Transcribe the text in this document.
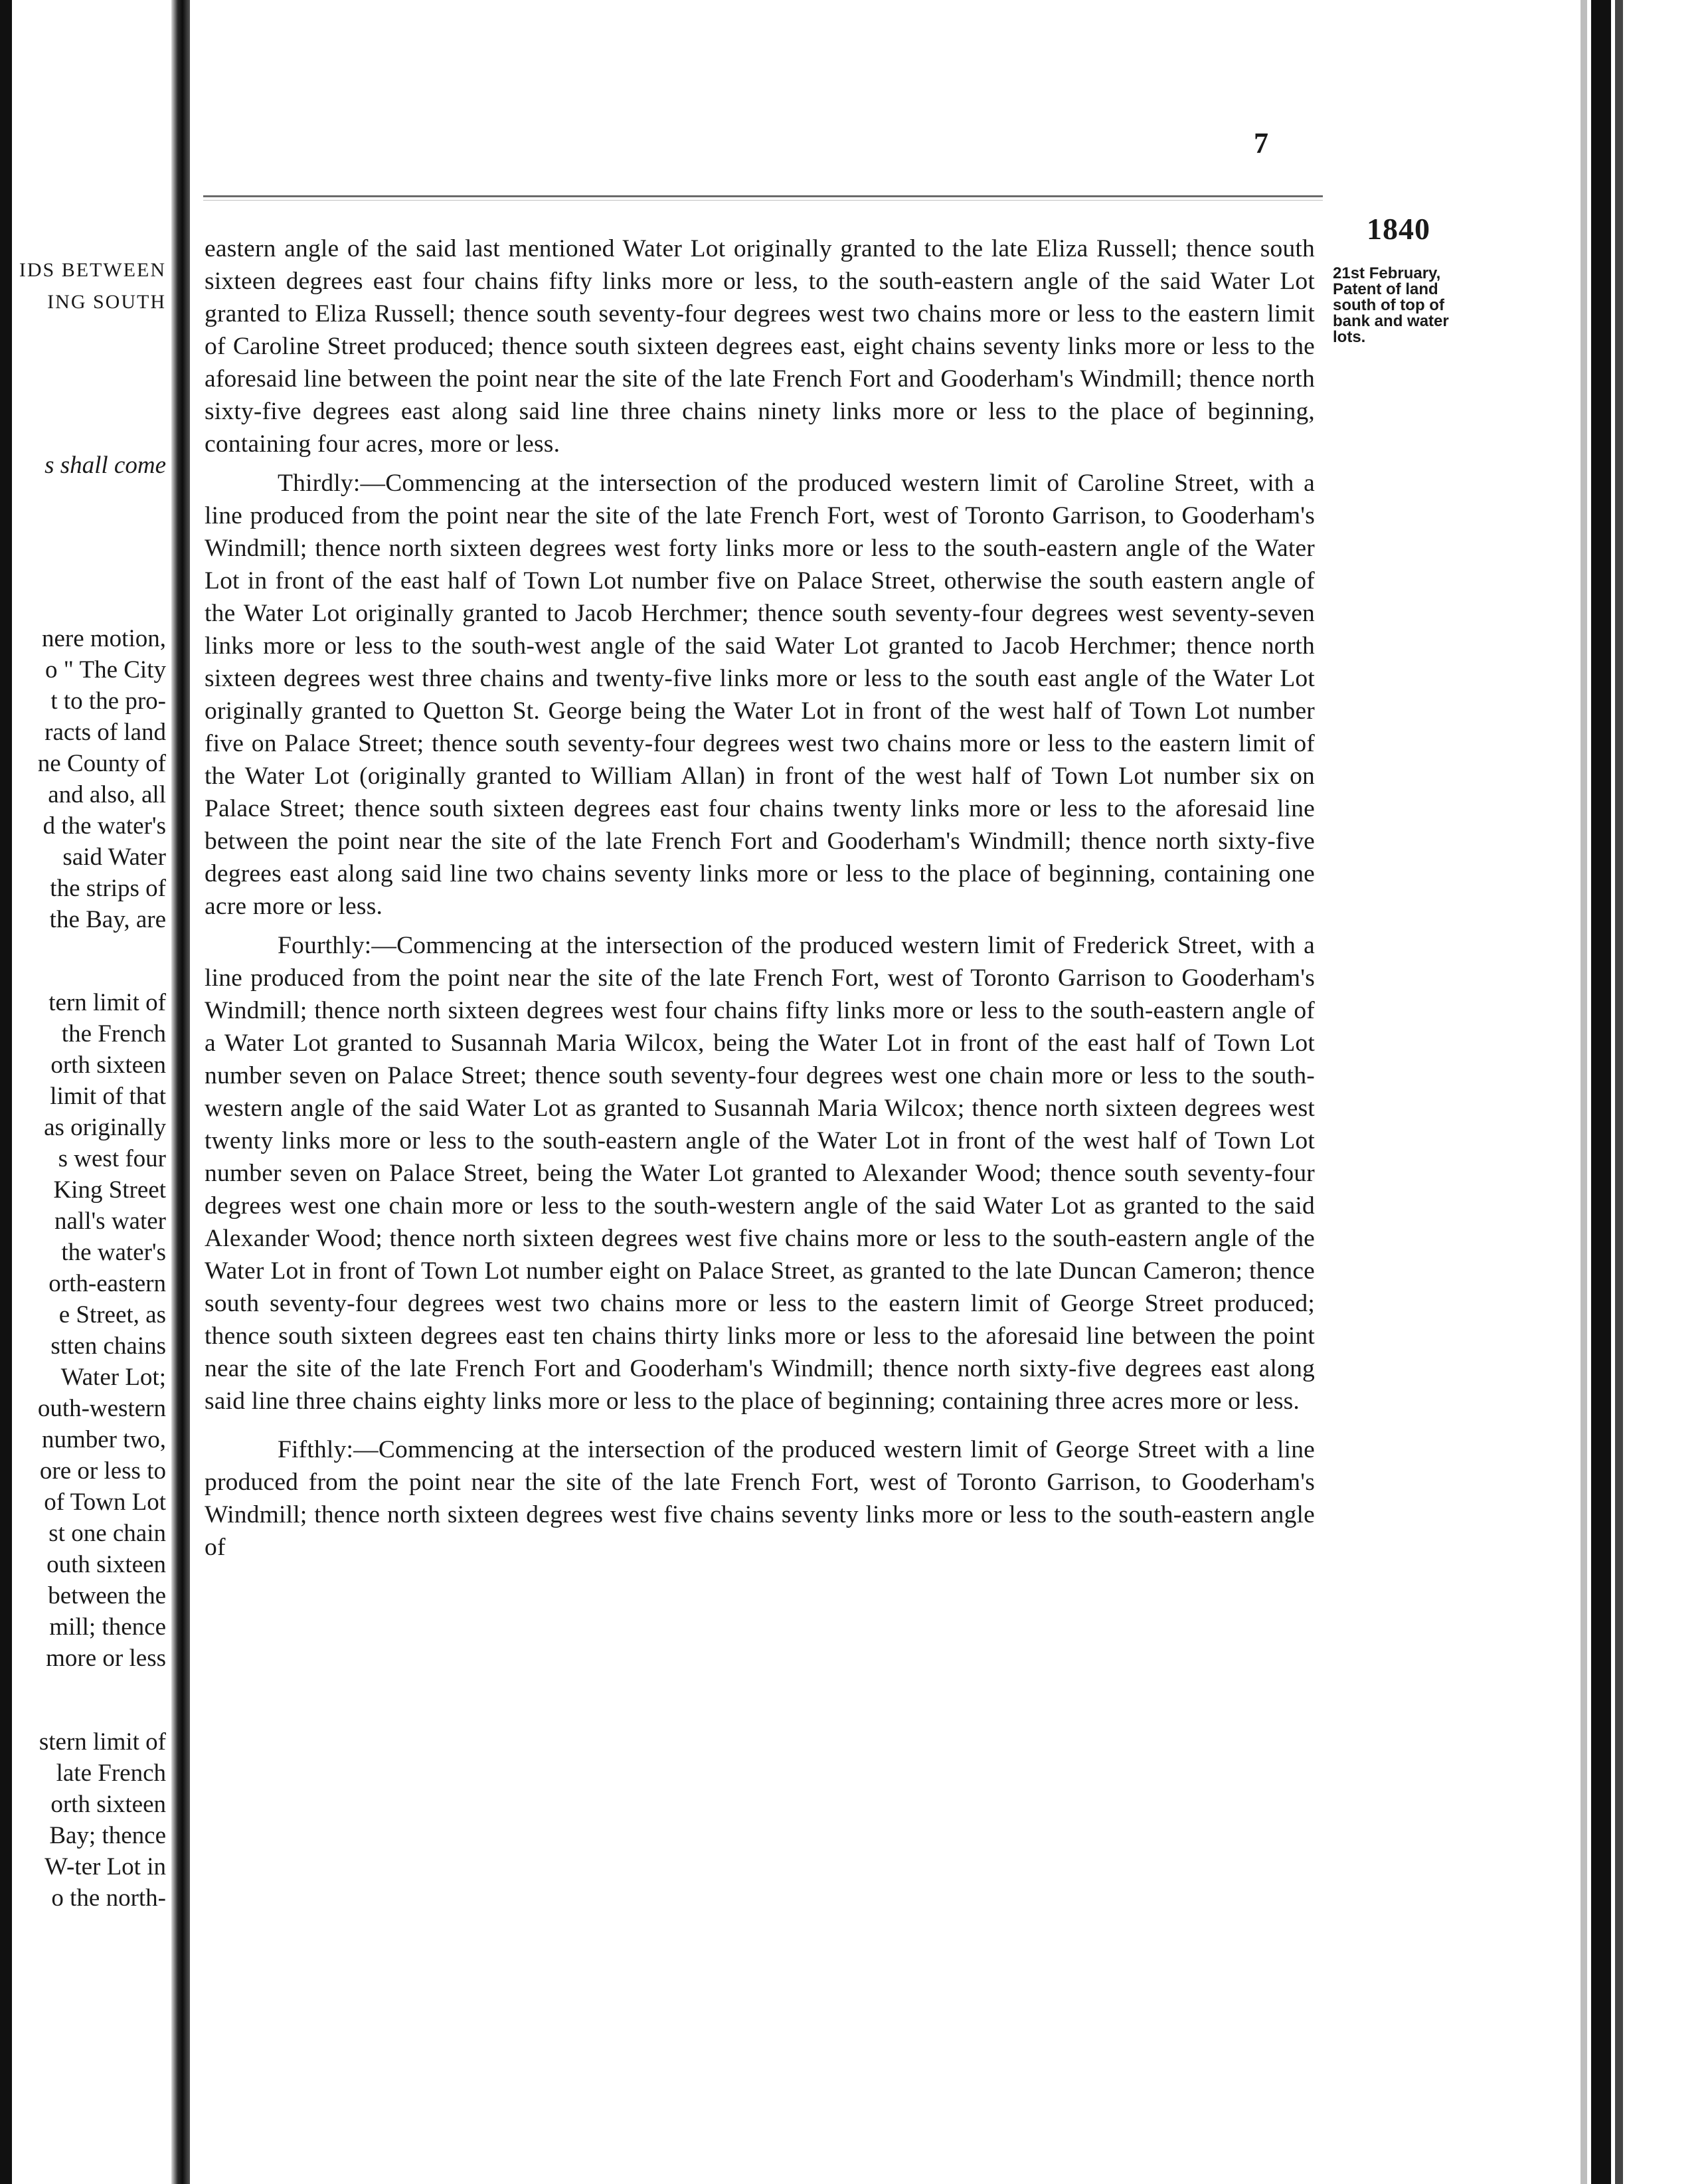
IDS BETWEEN
ING SOUTH
s shall come
nere motion,
o " The City
t to the pro-
racts of land
ne County of
and also, all
d the water's
said Water
the strips of
the Bay, are
tern limit of
the French
orth sixteen
limit of that
as originally
s west four
King Street
nall's water
the water's
orth-eastern
e Street, as
stten chains
Water Lot;
outh-western
number two,
ore or less to
of Town Lot
st one chain
outh sixteen
between the
mill; thence
more or less
stern limit of
late French
orth sixteen
Bay; thence
W-ter Lot in
o the north-
7
1840
21st February,
Patent of land
south of top of
bank and water
lots.

eastern angle of the said last mentioned Water Lot originally granted to the late Eliza Russell; thence south sixteen degrees east four chains fifty links more or less, to the south-eastern angle of the said Water Lot granted to Eliza Russell; thence south seventy-four degrees west two chains more or less to the eastern limit of Caroline Street produced; thence south sixteen degrees east, eight chains seventy links more or less to the aforesaid line between the point near the site of the late French Fort and Gooderham's Windmill; thence north sixty-five degrees east along said line three chains ninety links more or less to the place of beginning, containing four acres, more or less.

Thirdly:—Commencing at the intersection of the produced western limit of Caroline Street, with a line produced from the point near the site of the late French Fort, west of Toronto Garrison, to Gooderham's Windmill; thence north sixteen degrees west forty links more or less to the south-eastern angle of the Water Lot in front of the east half of Town Lot number five on Palace Street, otherwise the south eastern angle of the Water Lot originally granted to Jacob Herchmer; thence south seventy-four degrees west seventy-seven links more or less to the south-west angle of the said Water Lot granted to Jacob Herchmer; thence north sixteen degrees west three chains and twenty-five links more or less to the south east angle of the Water Lot originally granted to Quetton St. George being the Water Lot in front of the west half of Town Lot number five on Palace Street; thence south seventy-four degrees west two chains more or less to the eastern limit of the Water Lot (originally granted to William Allan) in front of the west half of Town Lot number six on Palace Street; thence south sixteen degrees east four chains twenty links more or less to the aforesaid line between the point near the site of the late French Fort and Gooderham's Windmill; thence north sixty-five degrees east along said line two chains seventy links more or less to the place of beginning, containing one acre more or less.

Fourthly:—Commencing at the intersection of the produced western limit of Frederick Street, with a line produced from the point near the site of the late French Fort, west of Toronto Garrison to Gooderham's Windmill; thence north sixteen degrees west four chains fifty links more or less to the south-eastern angle of a Water Lot granted to Susannah Maria Wilcox, being the Water Lot in front of the east half of Town Lot number seven on Palace Street; thence south seventy-four degrees west one chain more or less to the south-western angle of the said Water Lot as granted to Susannah Maria Wilcox; thence north sixteen degrees west twenty links more or less to the south-eastern angle of the Water Lot in front of the west half of Town Lot number seven on Palace Street, being the Water Lot granted to Alexander Wood; thence south seventy-four degrees west one chain more or less to the south-western angle of the said Water Lot as granted to the said Alexander Wood; thence north sixteen degrees west five chains more or less to the south-eastern angle of the Water Lot in front of Town Lot number eight on Palace Street, as granted to the late Duncan Cameron; thence south seventy-four degrees west two chains more or less to the eastern limit of George Street produced; thence south sixteen degrees east ten chains thirty links more or less to the aforesaid line between the point near the site of the late French Fort and Gooderham's Windmill; thence north sixty-five degrees east along said line three chains eighty links more or less to the place of beginning; containing three acres more or less.

Fifthly:—Commencing at the intersection of the produced western limit of George Street with a line produced from the point near the site of the late French Fort, west of Toronto Garrison, to Gooderham's Windmill; thence north sixteen degrees west five chains seventy links more or less to the south-eastern angle of
